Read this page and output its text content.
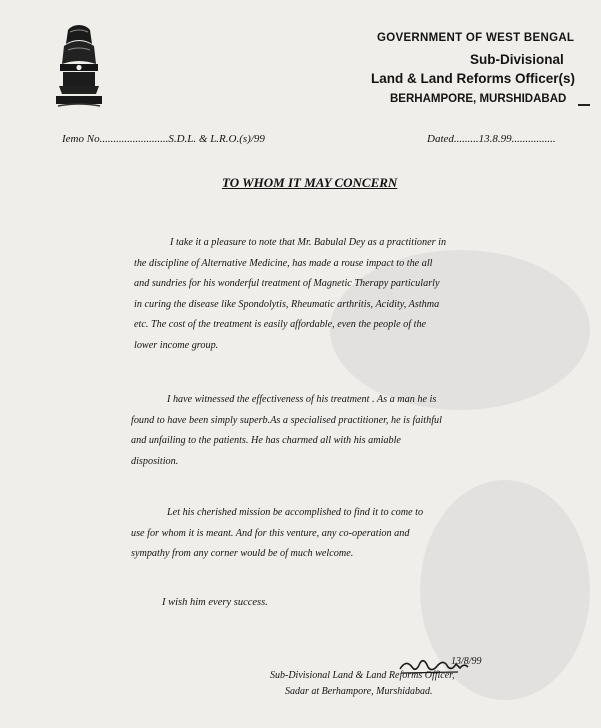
GOVERNMENT OF WEST BENGAL
Sub-Divisional
Land & Land Reforms Officer(s)
BERHAMPORE, MURSHIDABAD
Iemo No.........................S.D.L. & L.R.O.(s)/99	Dated.........13.8.99................
TO WHOM IT MAY CONCERN

I take it a pleasure to note that Mr. Babulal Dey as a practitioner in
the discipline of Alternative Medicine, has made a rouse impact to the all
and sundries for his wonderful treatment of Magnetic Therapy particularly
in curing the disease like Spondolytis, Rheumatic arthritis, Acidity, Asthma
etc. The cost of the treatment is easily affordable, even the people of the
lower income group.

I have witnessed the effectiveness of his treatment . As a man he is
found to have been simply superb.As a specialised practitioner, he is faithful
and unfailing to the patients. He has charmed all with his amiable
disposition.

Let his cherished mission be accomplished to find it to come to
use for whom it is meant. And for this venture, any co-operation and
sympathy from any corner would be of much welcome.

I wish him every success.
13/8/99
Sub-Divisional Land & Land Reforms Officer,
Sadar at Berhampore, Murshidabad.
